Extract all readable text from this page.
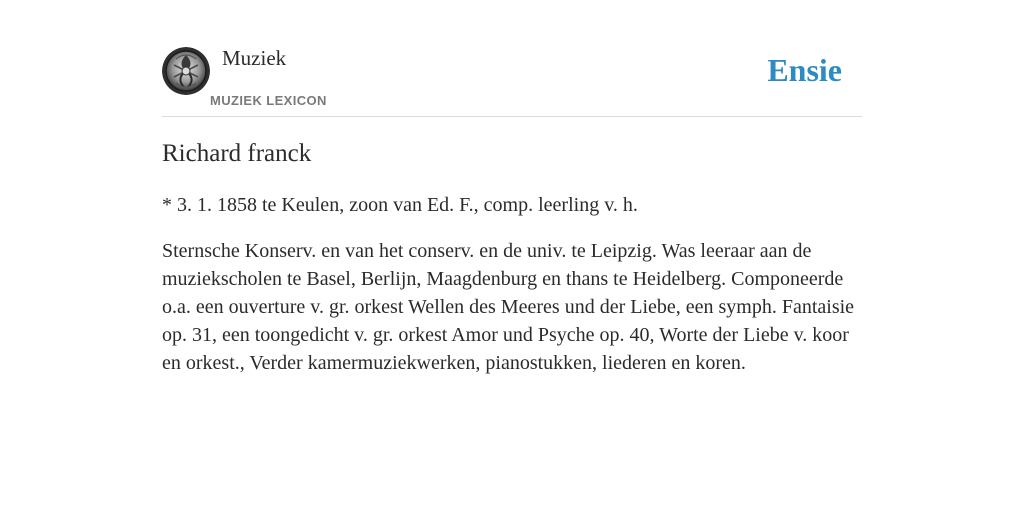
Muziek
MUZIEK LEXICON
Ensie
Richard franck

* 3. 1. 1858 te Keulen, zoon van Ed. F., comp. leerling v. h.

Sternsche Konserv. en van het conserv. en de univ. te Leipzig. Was leeraar aan de muziekscholen te Basel, Berlijn, Maagdenburg en thans te Heidelberg. Componeerde o.a. een ouverture v. gr. orkest Wellen des Meeres und der Liebe, een symph. Fantaisie op. 31, een toongedicht v. gr. orkest Amor und Psyche op. 40, Worte der Liebe v. koor en orkest., Verder kamermuziekwerken, pianostukken, liederen en koren.
